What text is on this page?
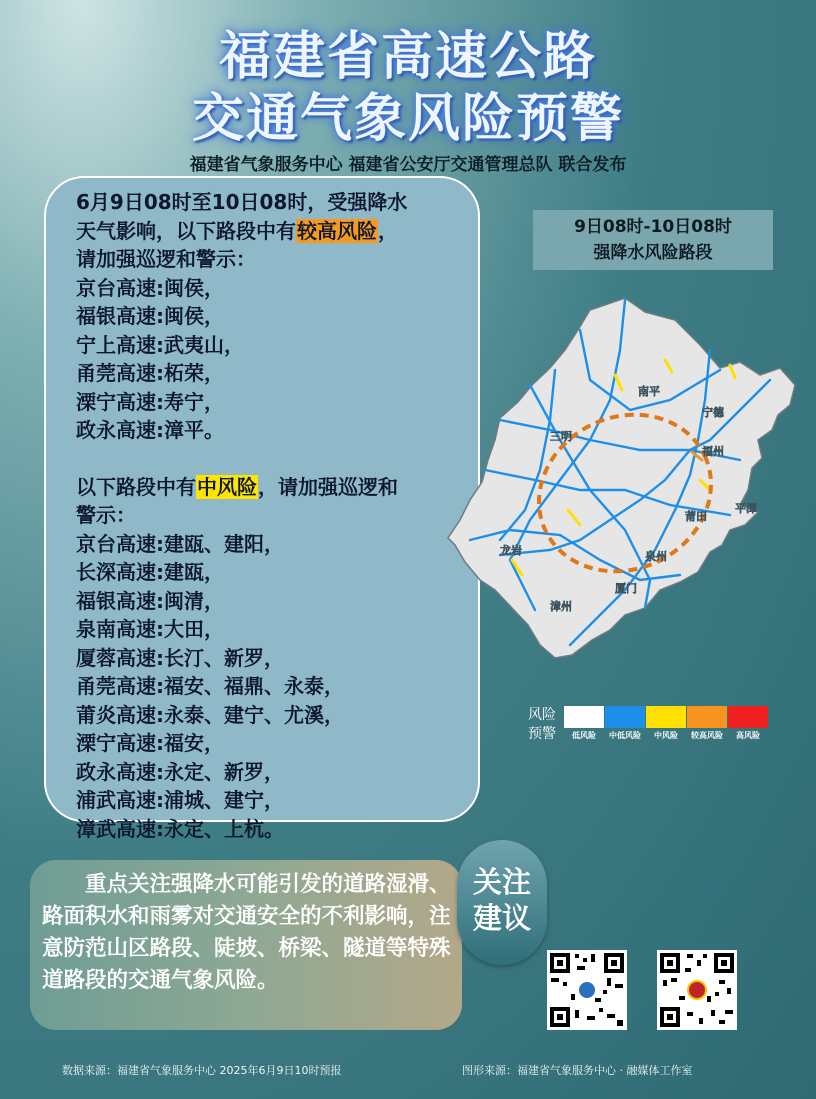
福建省高速公路
交通气象风险预警
福建省气象服务中心 福建省公安厅交通管理总队 联合发布
6月9日08时至10日08时，受强降水
天气影响，以下路段中有较高风险，
请加强巡逻和警示：
京台高速:闽侯，
福银高速:闽侯，
宁上高速:武夷山，
甬莞高速:柘荣，
溧宁高速:寿宁，
政永高速:漳平。
以下路段中有中风险，请加强巡逻和
警示：
京台高速:建瓯、建阳，
长深高速:建瓯，
福银高速:闽清，
泉南高速:大田，
厦蓉高速:长汀、新罗，
甬莞高速:福安、福鼎、永泰，
莆炎高速:永泰、建宁、尤溪，
溧宁高速:福安，
政永高速:永定、新罗，
浦武高速:浦城、建宁，
漳武高速:永定、上杭。
9日08时-10日08时
强降水风险路段
南平
宁德
三明
福州
莆田
平潭
龙岩	泉州
厦门
漳州
风险预警	低风险	中低风险	中风险	较高风险	高风险
重点关注强降水可能引发的道路湿滑、路面积水和雨雾对交通安全的不利影响，注意防范山区路段、陡坡、桥梁、隧道等特殊道路段的交通气象风险。
关注
建议
数据来源：福建省气象服务中心 2025年6月9日10时预报	图形来源：福建省气象服务中心 · 融媒体工作室
